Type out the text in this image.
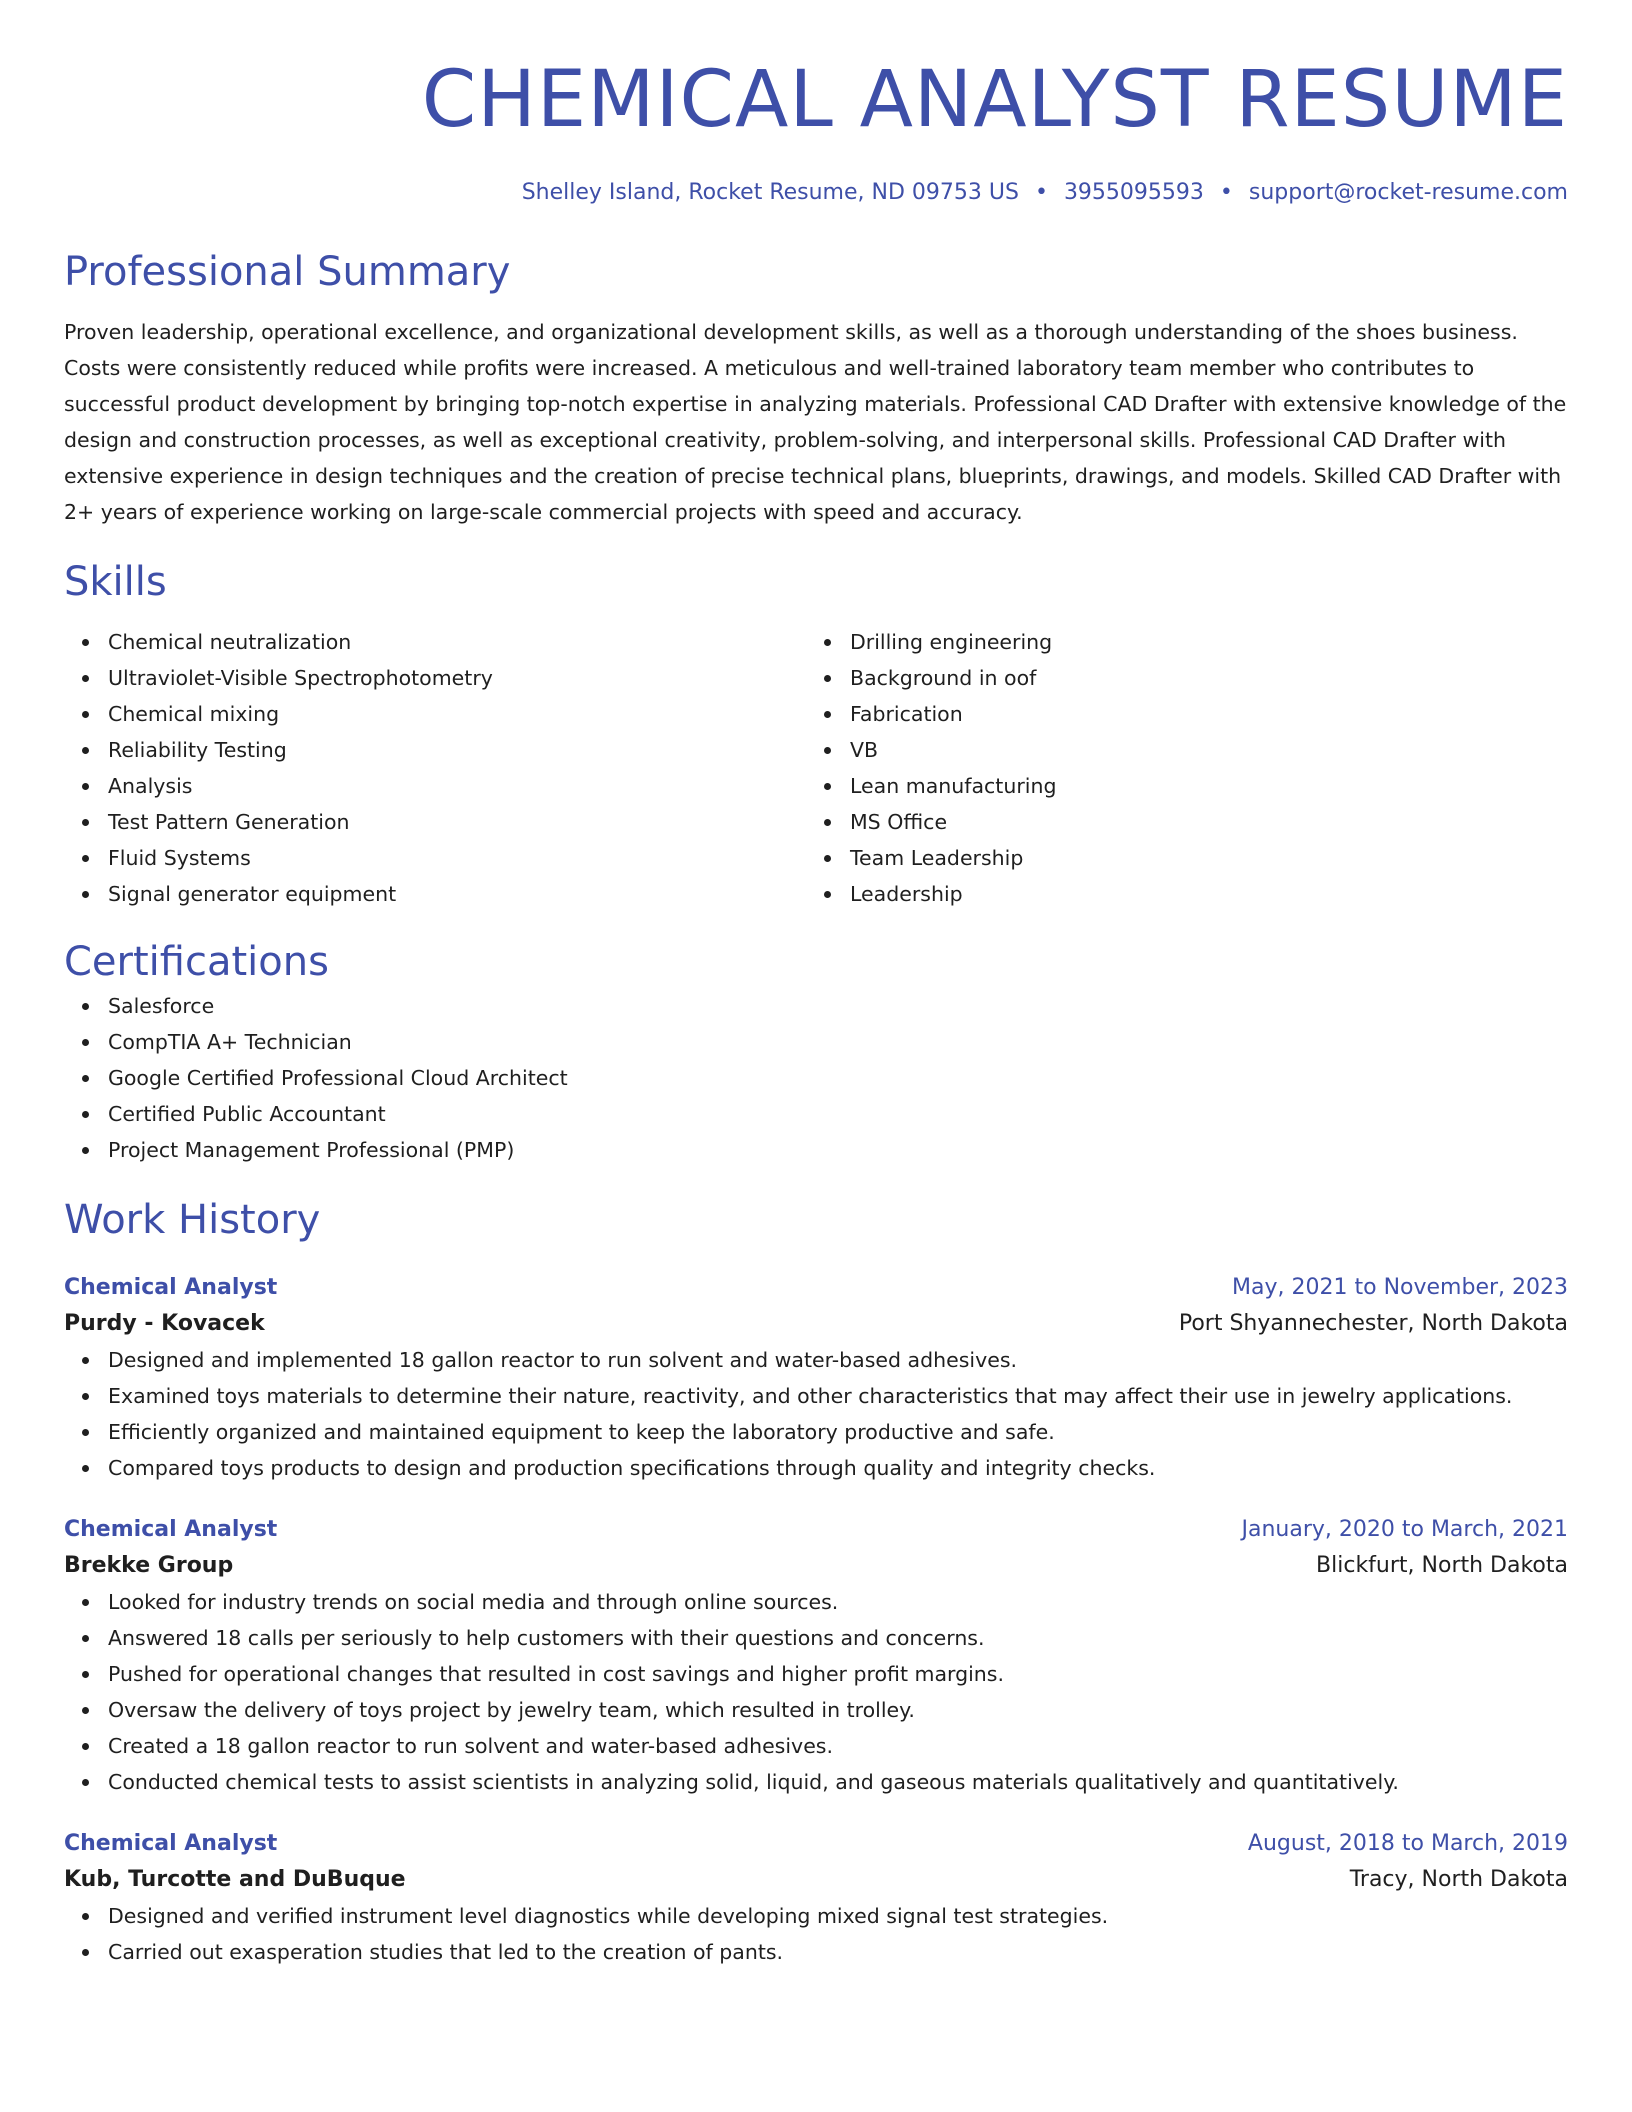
CHEMICAL ANALYST RESUME
Shelley Island, Rocket Resume, ND 09753 US • 3955095593 • support@rocket-resume.com
Professional Summary
Proven leadership, operational excellence, and organizational development skills, as well as a thorough understanding of the shoes business. Costs were consistently reduced while profits were increased. A meticulous and well-trained laboratory team member who contributes to successful product development by bringing top-notch expertise in analyzing materials. Professional CAD Drafter with extensive knowledge of the design and construction processes, as well as exceptional creativity, problem-solving, and interpersonal skills. Professional CAD Drafter with extensive experience in design techniques and the creation of precise technical plans, blueprints, drawings, and models. Skilled CAD Drafter with 2+ years of experience working on large-scale commercial projects with speed and accuracy.
Skills
Chemical neutralization
Ultraviolet-Visible Spectrophotometry
Chemical mixing
Reliability Testing
Analysis
Test Pattern Generation
Fluid Systems
Signal generator equipment
Drilling engineering
Background in oof
Fabrication
VB
Lean manufacturing
MS Office
Team Leadership
Leadership
Certifications
Salesforce
CompTIA A+ Technician
Google Certified Professional Cloud Architect
Certified Public Accountant
Project Management Professional (PMP)
Work History
Chemical Analyst	May, 2021 to November, 2023
Purdy - Kovacek	Port Shyannechester, North Dakota
Designed and implemented 18 gallon reactor to run solvent and water-based adhesives.
Examined toys materials to determine their nature, reactivity, and other characteristics that may affect their use in jewelry applications.
Efficiently organized and maintained equipment to keep the laboratory productive and safe.
Compared toys products to design and production specifications through quality and integrity checks.
Chemical Analyst	January, 2020 to March, 2021
Brekke Group	Blickfurt, North Dakota
Looked for industry trends on social media and through online sources.
Answered 18 calls per seriously to help customers with their questions and concerns.
Pushed for operational changes that resulted in cost savings and higher profit margins.
Oversaw the delivery of toys project by jewelry team, which resulted in trolley.
Created a 18 gallon reactor to run solvent and water-based adhesives.
Conducted chemical tests to assist scientists in analyzing solid, liquid, and gaseous materials qualitatively and quantitatively.
Chemical Analyst	August, 2018 to March, 2019
Kub, Turcotte and DuBuque	Tracy, North Dakota
Designed and verified instrument level diagnostics while developing mixed signal test strategies.
Carried out exasperation studies that led to the creation of pants.
